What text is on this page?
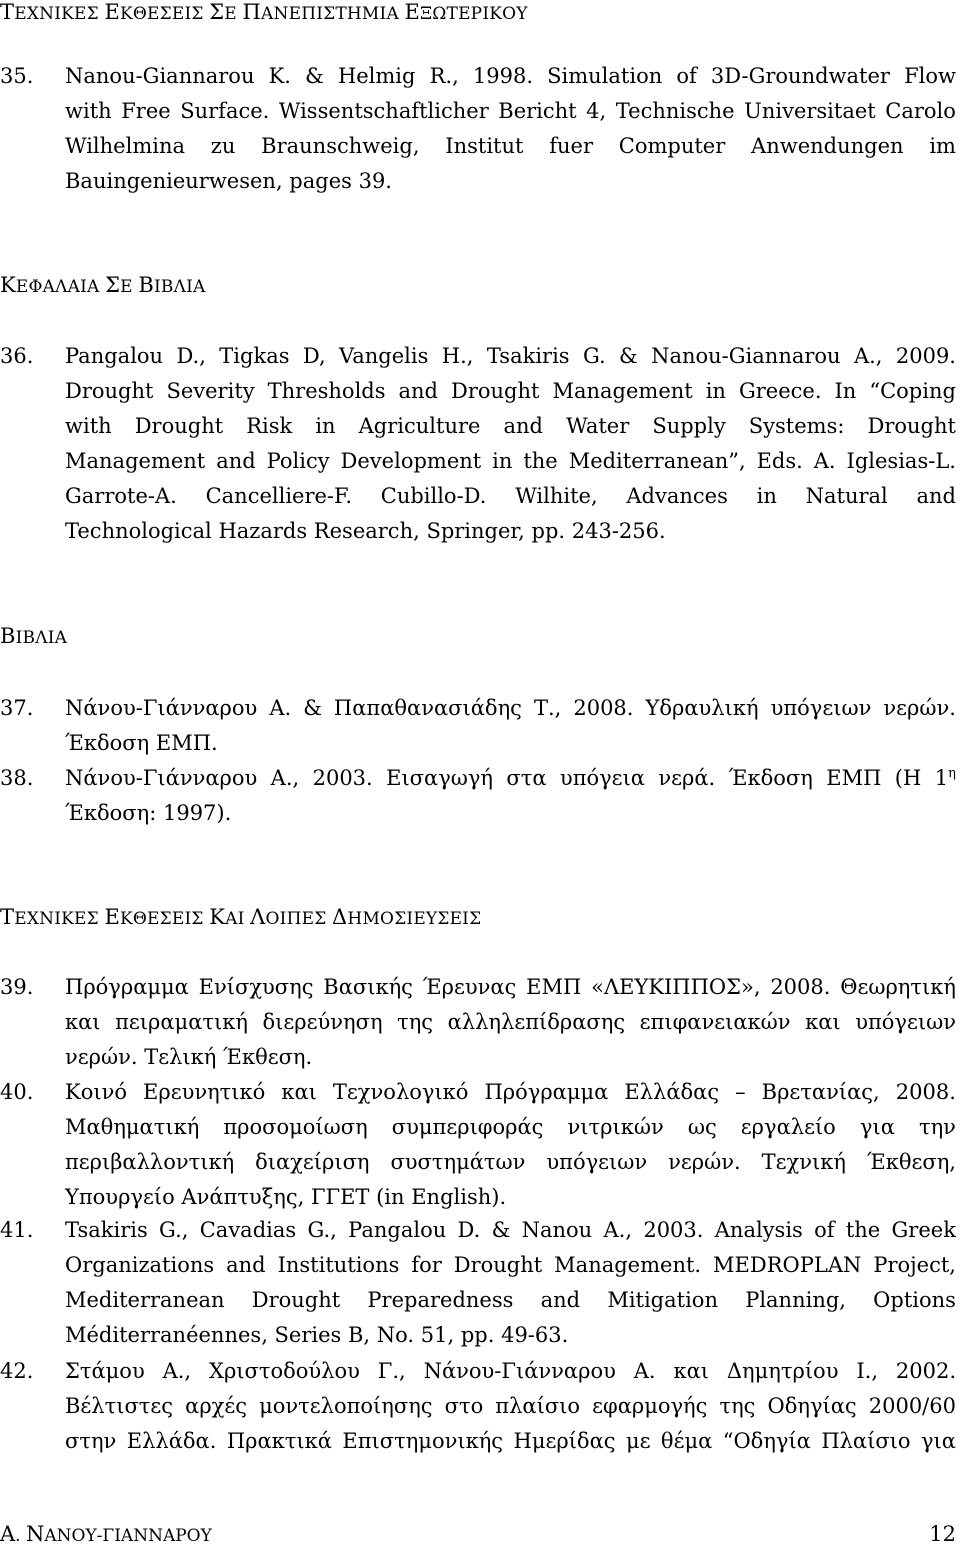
ΤΕΧΝΙΚΕΣ ΕΚΘΕΣΕΙΣ ΣΕ ΠΑΝΕΠΙΣΤΗΜΙΑ ΕΞΩΤΕΡΙΚΟΥ
35. Nanou-Giannarou K. & Helmig R., 1998. Simulation of 3D-Groundwater Flow
with Free Surface. Wissentschaftlicher Bericht 4, Technische Universitaet Carolo
Wilhelmina zu Braunschweig, Institut fuer Computer Anwendungen im
Bauingenieurwesen, pages 39.
ΚΕΦΑΛΑΙΑ ΣΕ ΒΙΒΛΙΑ
36. Pangalou D., Tigkas D, Vangelis H., Tsakiris G. & Nanou-Giannarou A., 2009.
Drought Severity Thresholds and Drought Management in Greece. In “Coping
with Drought Risk in Agriculture and Water Supply Systems: Drought
Management and Policy Development in the Mediterranean”, Eds. A. Iglesias-L.
Garrote-A. Cancelliere-F. Cubillo-D. Wilhite, Advances in Natural and
Technological Hazards Research, Springer, pp. 243-256.
ΒΙΒΛΙΑ
37. Νάνου-Γιάνναρου Α. & Παπαθανασιάδης Τ., 2008. Υδραυλική υπόγειων νερών.
Έκδοση ΕΜΠ.
38. Νάνου-Γιάνναρου Α., 2003. Εισαγωγή στα υπόγεια νερά. Έκδοση ΕΜΠ (Η $1^\eta$
Έκδοση: 1997).
ΤΕΧΝΙΚΕΣ ΕΚΘΕΣΕΙΣ ΚΑΙ ΛΟΙΠΕΣ ΔΗΜΟΣΙΕΥΣΕΙΣ
39. Πρόγραμμα Ενίσχυσης Βασικής Έρευνας ΕΜΠ «ΛΕΥΚΙΠΠΟΣ», 2008. Θεωρητική
και πειραματική διερεύνηση της αλληλεπίδρασης επιφανειακών και υπόγειων
νερών. Τελική Έκθεση.
40. Κοινό Ερευνητικό και Τεχνολογικό Πρόγραμμα Ελλάδας – Βρετανίας, 2008.
Μαθηματική προσομοίωση συμπεριφοράς νιτρικών ως εργαλείο για την
περιβαλλοντική διαχείριση συστημάτων υπόγειων νερών. Τεχνική Έκθεση,
Υπουργείο Ανάπτυξης, ΓΓΕΤ (in English).
41. Tsakiris G., Cavadias G., Pangalou D. & Nanou A., 2003. Analysis of the Greek
Organizations and Institutions for Drought Management. MEDROPLAN Project,
Mediterranean Drought Preparedness and Mitigation Planning, Options
Méditerranéennes, Series B, No. 51, pp. 49-63.
42. Στάμου Α., Χριστοδούλου Γ., Νάνου-Γιάνναρου Α. και Δημητρίου Ι., 2002.
Βέλτιστες αρχές μοντελοποίησης στο πλαίσιο εφαρμογής της Οδηγίας 2000/60
στην Ελλάδα. Πρακτικά Επιστημονικής Ημερίδας με θέμα “Οδηγία Πλαίσιο για
Α. ΝΑΝΟΥ-ΓΙΑΝΝΑΡΟΥ	12
